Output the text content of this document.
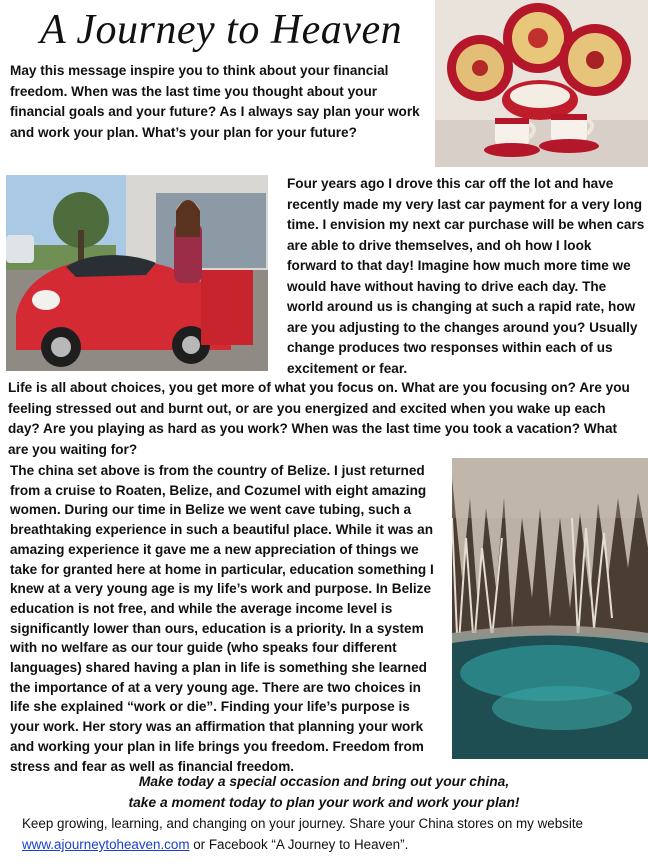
A Journey to Heaven
May this message inspire you to think about your financial freedom. When was the last time you thought about your financial goals and your future? As I always say plan your work and work your plan. What’s your plan for your future?
Four years ago I drove this car off the lot and have recently made my very last car payment for a very long time. I envision my next car purchase will be when cars are able to drive themselves, and oh how I look forward to that day! Imagine how much more time we would have without having to drive each day. The world around us is changing at such a rapid rate, how are you adjusting to the changes around you? Usually change produces two responses within each of us excitement or fear.
Life is all about choices, you get more of what you focus on. What are you focusing on? Are you feeling stressed out and burnt out, or are you energized and excited when you wake up each day? Are you playing as hard as you work? When was the last time you took a vacation? What are you waiting for?
The china set above is from the country of Belize. I just returned from a cruise to Roaten, Belize, and Cozumel with eight amazing women. During our time in Belize we went cave tubing, such a breathtaking experience in such a beautiful place. While it was an amazing experience it gave me a new appreciation of things we take for granted here at home in particular, education something I knew at a very young age is my life’s work and purpose. In Belize education is not free, and while the average income level is significantly lower than ours, education is a priority. In a system with no welfare as our tour guide (who speaks four different languages) shared having a plan in life is something she learned the importance of at a very young age. There are two choices in life she explained “work or die”. Finding your life’s purpose is your work. Her story was an affirmation that planning your work and working your plan in life brings you freedom. Freedom from stress and fear as well as financial freedom.
Make today a special occasion and bring out your china,
take a moment today to plan your work and work your plan!
Keep growing, learning, and changing on your journey. Share your China stores on my website www.ajourneytoheaven.com or Facebook “A Journey to Heaven”.
